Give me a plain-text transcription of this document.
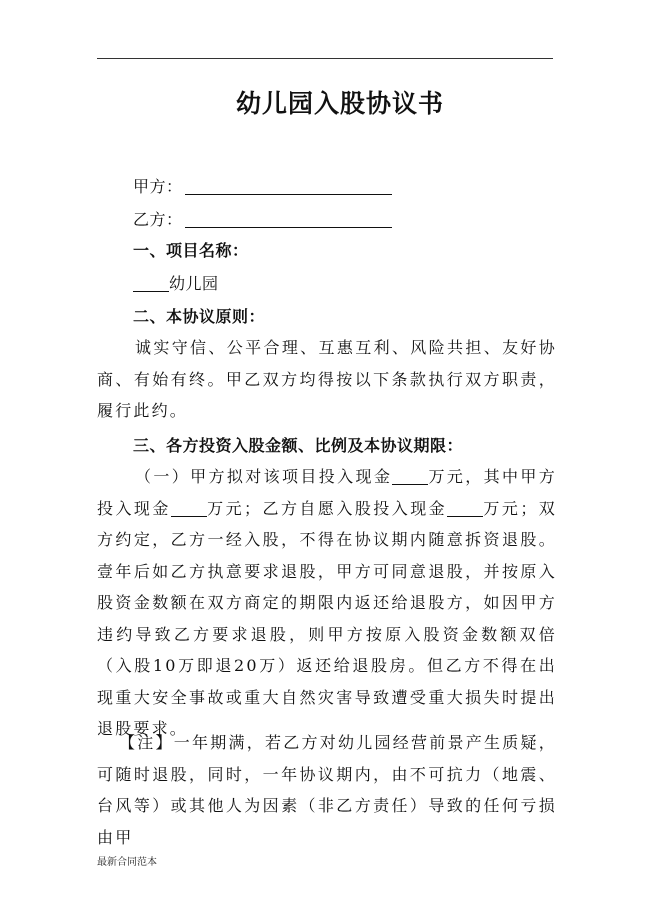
幼儿园入股协议书
甲方：
乙方：
一、项目名称：
幼儿园
二、本协议原则：
诚实守信、公平合理、互惠互利、风险共担、友好协商、有始有终。甲乙双方均得按以下条款执行双方职责，履行此约。
三、各方投资入股金额、比例及本协议期限：
（一）甲方拟对该项目投入现金 万元，其中甲方投入现金 万元；乙方自愿入股投入现金 万元；双方约定，乙方一经入股，不得在协议期内随意拆资退股。壹年后如乙方执意要求退股，甲方可同意退股，并按原入股资金数额在双方商定的期限内返还给退股方，如因甲方违约导致乙方要求退股，则甲方按原入股资金数额双倍（入股10万即退20万）返还给退股房。但乙方不得在出现重大安全事故或重大自然灾害导致遭受重大损失时提出退股要求。
【注】一年期满，若乙方对幼儿园经营前景产生质疑，可随时退股，同时，一年协议期内，由不可抗力（地震、台风等）或其他人为因素（非乙方责任）导致的任何亏损由甲
最新合同范本
